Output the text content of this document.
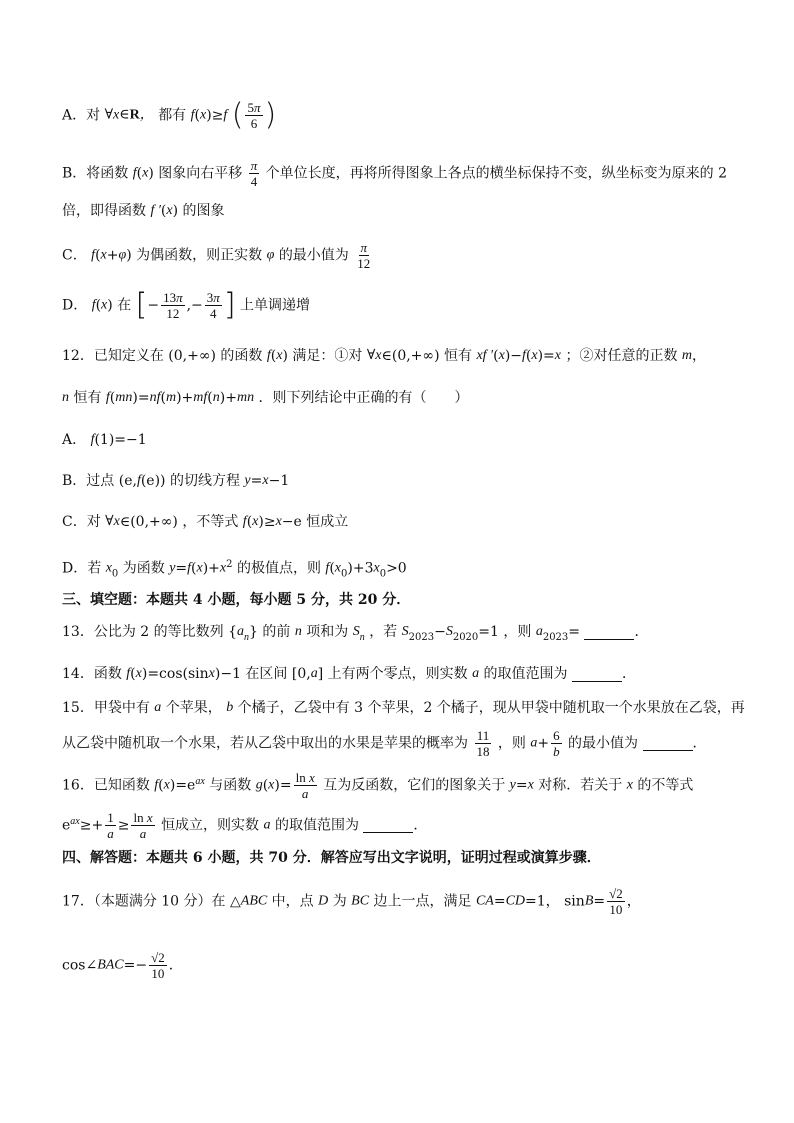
A．对 ∀x∈R， 都有 f(x)≥f ( $\frac{5\pi}{6}$ )
B．将函数 f(x) 图象向右平移 $\frac{\pi}{4}$ 个单位长度，再将所得图象上各点的横坐标保持不变，纵坐标变为原来的 2
倍，即得函数 f ′(x) 的图象
C． f(x+φ) 为偶函数，则正实数 φ 的最小值为 $\frac{\pi}{12}$
D． f(x) 在 [− $\frac{13\pi}{12}$ ,− $\frac{3\pi}{4}$ ] 上单调递增
12．已知定义在 (0,+∞) 的函数 f(x) 满足：①对 ∀x∈(0,+∞) 恒有 xf ′(x)−f(x)=x ；②对任意的正数 m，
n 恒有 f(mn)=nf(m)+mf(n)+mn ．则下列结论中正确的有（　　）
A． f(1)=−1
B．过点 (e,f(e)) 的切线方程 y=x−1
C．对 ∀x∈(0,+∞) ，不等式 f(x)≥x−e 恒成立
D．若 $x_0$ 为函数 $y=f(x)+x^2$ 的极值点，则 $f(x_0)+3x_0>0$
三、填空题：本题共 4 小题，每小题 5 分，共 20 分．
13．公比为 2 的等比数列 $\{a_n\}$ 的前 n 项和为 $S_n$ ，若 $S_{2023}-S_{2020}=1$ ，则 $a_{2023}=$	．
14．函数 f(x)=cos(sinx)−1 在区间 [0,a] 上有两个零点，则实数 a 的取值范围为	．
15．甲袋中有 a 个苹果， b 个橘子，乙袋中有 3 个苹果，2 个橘子，现从甲袋中随机取一个水果放在乙袋，再
从乙袋中随机取一个水果，若从乙袋中取出的水果是苹果的概率为 $\frac{11}{18}$ ，则 $a+ \frac{6}{b}$ 的最小值为	．
16．已知函数 $f(x)=e^{ax}$ 与函数 $g(x)= \frac{\text{ln x}}{a}$ 互为反函数，它们的图象关于 y=x 对称．若关于 x 的不等式
$e^{ax}\ge+ \frac{1}{a} \ge \frac{\text{ln x}}{a}$ 恒成立，则实数 a 的取值范围为	．
四、解答题：本题共 6 小题，共 70 分．解答应写出文字说明，证明过程或演算步骤．
17．（本题满分 10 分）在 △ABC 中，点 D 为 BC 边上一点，满足 CA=CD=1， $\sin B= \frac{√2}{10}$ ，
cos∠BAC=− $\frac{√2}{10}$ ．
